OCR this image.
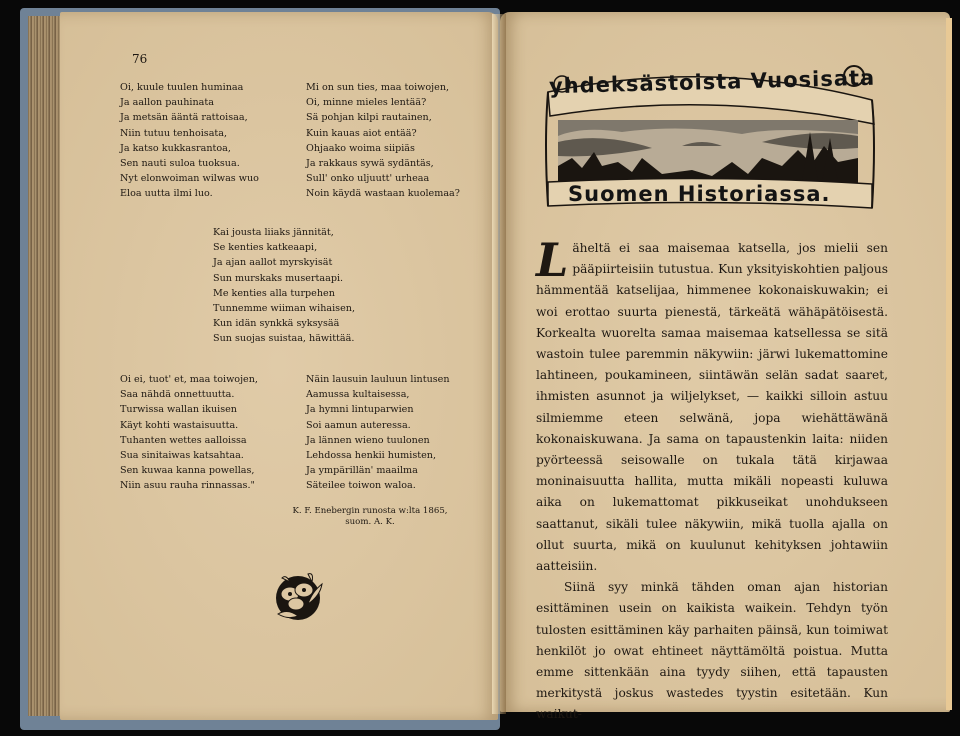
76
Oi, kuule tuulen huminaa
Ja aallon pauhinata
Ja metsän ääntä rattoisaa,
Niin tutuu tenhoisata,
Ja katso kukkasrantoa,
Sen nauti suloa tuoksua.
Nyt elonwoiman wilwas wuo
Eloa uutta ilmi luo.
Mi on sun ties, maa toiwojen,
Oi, minne mieles lentää?
Sä pohjan kilpi rautainen,
Kuin kauas aiot entää?
Ohjaako woima siipiäs
Ja rakkaus sywä sydäntäs,
Sull' onko uljuutt' urheaa
Noin käydä wastaan kuolemaa?
Kai jousta liiaks jännität,
Se kenties katkeaapi,
Ja ajan aallot myrskyisät
Sun murskaks musertaapi.
Me kenties alla turpehen
Tunnemme wiiman wihaisen,
Kun idän synkkä syksysää
Sun suojas suistaa, häwittää.
Oi ei, tuot' et, maa toiwojen,
Saa nähdä onnettuutta.
Turwissa wallan ikuisen
Käyt kohti wastaisuutta.
Tuhanten wettes aalloissa
Sua sinitaiwas katsahtaa.
Sen kuwaa kanna powellas,
Niin asuu rauha rinnassas."
Näin lausuin lauluun lintusen
Aamussa kultaisessa,
Ja hymni lintuparwien
Soi aamun auteressa.
Ja lännen wieno tuulonen
Lehdossa henkii humisten,
Ja ympärillän' maailma
Säteilee toiwon waloa.
K. F. Enebergin runosta w:lta 1865,
suom. A. K.
yhdeksästoista Vuosisata
Suomen Historiassa.

Läheltä ei saa maisemaa katsella, jos mielii sen pääpiirteisiin tutustua. Kun yksityiskohtien paljous hämmentää katselijaa, himmenee kokonaiskuwakin; ei woi erottao suurta pienestä, tärkeätä wähäpätöisestä. Korkealta wuorelta samaa maisemaa katsellessa se sitä wastoin tulee paremmin näkywiin: järwi lukemattomine lahtineen, poukamineen, siintäwän selän sadat saaret, ihmisten asunnot ja wiljelykset, — kaikki silloin astuu silmiemme eteen selwänä, jopa wiehättäwänä kokonaiskuwana. Ja sama on tapaustenkin laita: niiden pyörteessä seisowalle on tukala tätä kirjawaa moninaisuutta hallita, mutta mikäli nopeasti kuluwa aika on lukemattomat pikkuseikat unohdukseen saattanut, sikäli tulee näkywiin, mikä tuolla ajalla on ollut suurta, mikä on kuulunut kehityksen johtawiin aatteisiin.

Siinä syy minkä tähden oman ajan historian esittäminen usein on kaikista waikein. Tehdyn työn tulosten esittäminen käy parhaiten päinsä, kun toimiwat henkilöt jo owat ehtineet näyttämöltä poistua. Mutta emme sittenkään aina tyydy siihen, että tapausten merkitystä joskus wastedes tyystin esitetään. Kun waikut-
